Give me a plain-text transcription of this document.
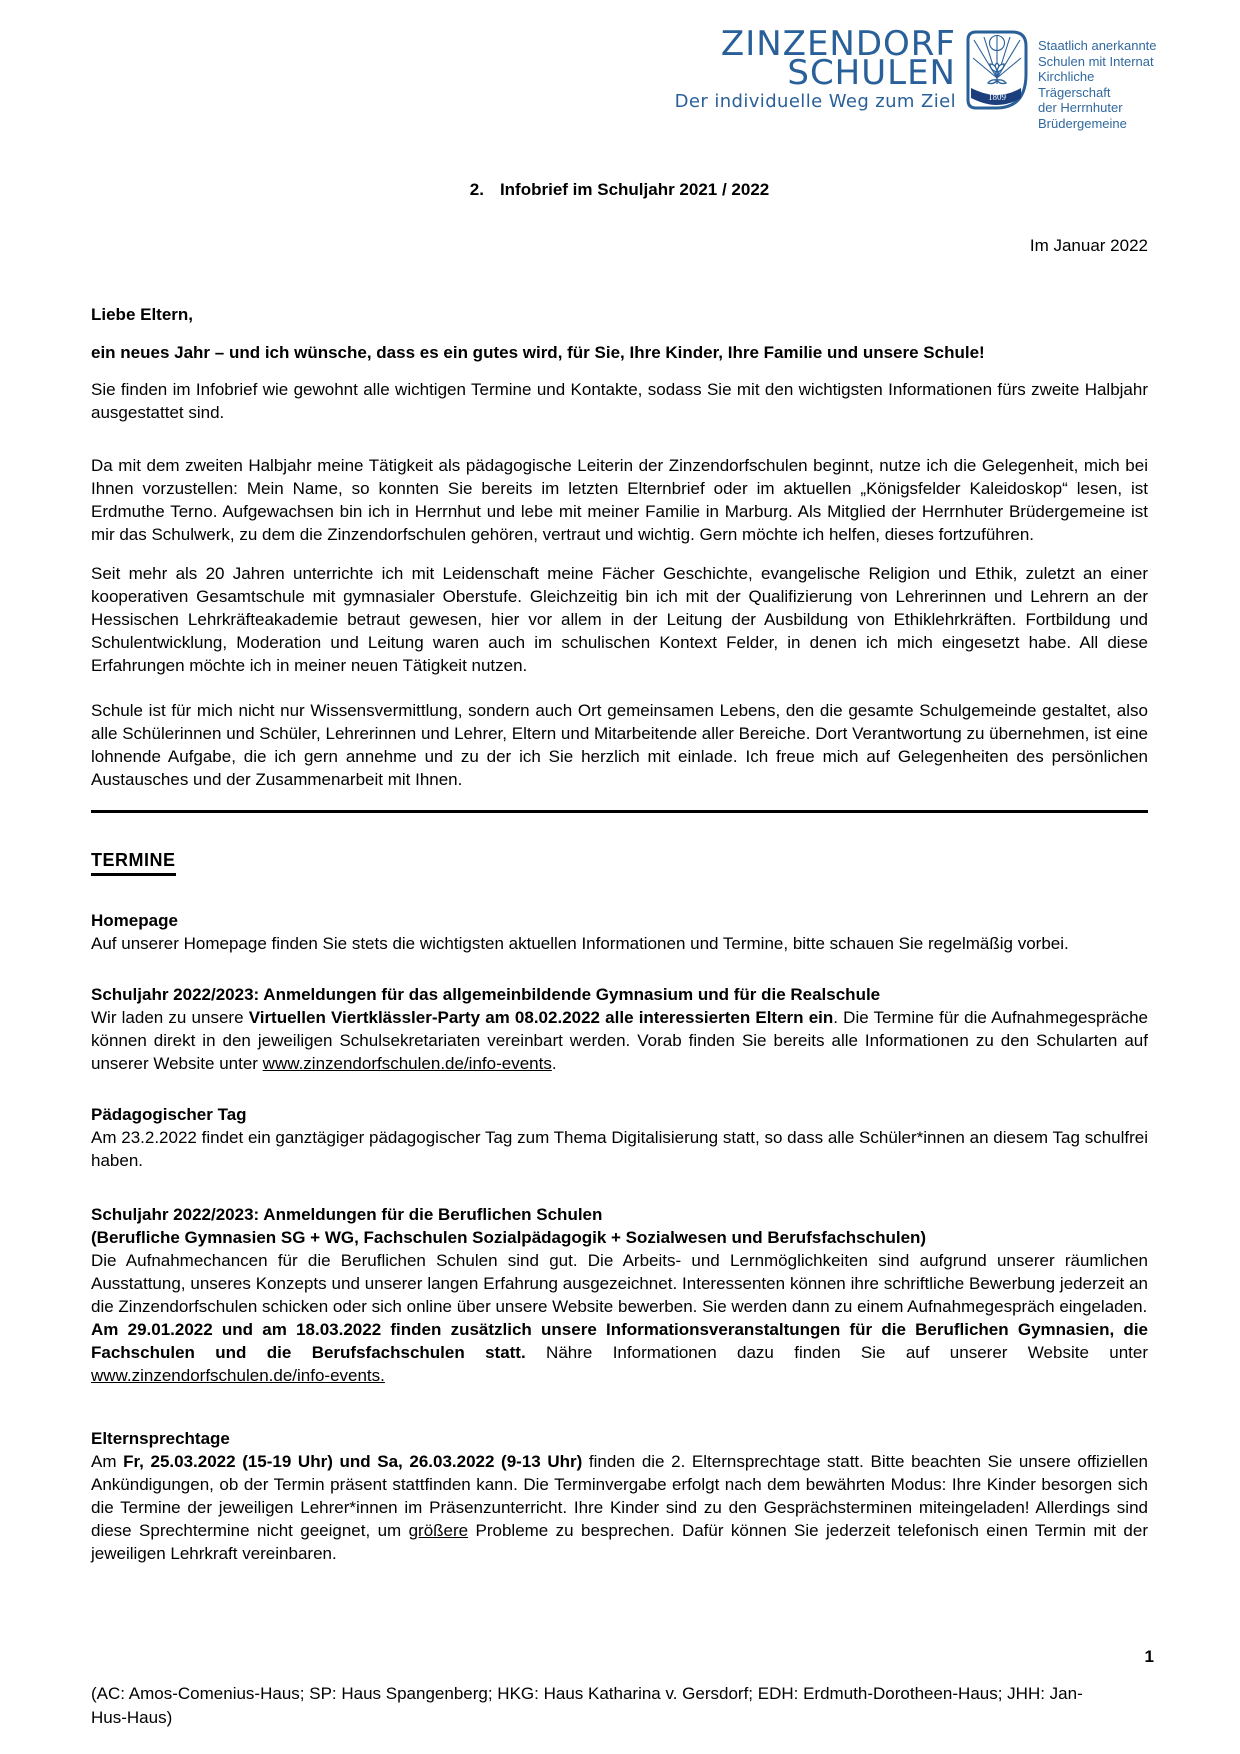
ZINZENDORF
SCHULEN
Der individuelle Weg zum Ziel	1809
Staatlich anerkannte
Schulen mit Internat
Kirchliche Trägerschaft
der Herrnhuter
Brüdergemeine
2. Infobrief im Schuljahr 2021 / 2022
Im Januar 2022
Liebe Eltern,
ein neues Jahr – und ich wünsche, dass es ein gutes wird, für Sie, Ihre Kinder, Ihre Familie und unsere Schule!
Sie finden im Infobrief wie gewohnt alle wichtigen Termine und Kontakte, sodass Sie mit den wichtigsten Informationen fürs zweite Halbjahr ausgestattet sind.
Da mit dem zweiten Halbjahr meine Tätigkeit als pädagogische Leiterin der Zinzendorfschulen beginnt, nutze ich die Gelegenheit, mich bei Ihnen vorzustellen: Mein Name, so konnten Sie bereits im letzten Elternbrief oder im aktuellen „Königsfelder Kaleidoskop“ lesen, ist Erdmuthe Terno. Aufgewachsen bin ich in Herrnhut und lebe mit meiner Familie in Marburg. Als Mitglied der Herrnhuter Brüdergemeine ist mir das Schulwerk, zu dem die Zinzendorfschulen gehören, vertraut und wichtig. Gern möchte ich helfen, dieses fortzuführen.
Seit mehr als 20 Jahren unterrichte ich mit Leidenschaft meine Fächer Geschichte, evangelische Religion und Ethik, zuletzt an einer kooperativen Gesamtschule mit gymnasialer Oberstufe. Gleichzeitig bin ich mit der Qualifizierung von Lehrerinnen und Lehrern an der Hessischen Lehrkräfteakademie betraut gewesen, hier vor allem in der Leitung der Ausbildung von Ethiklehrkräften. Fortbildung und Schulentwicklung, Moderation und Leitung waren auch im schulischen Kontext Felder, in denen ich mich eingesetzt habe. All diese Erfahrungen möchte ich in meiner neuen Tätigkeit nutzen.
Schule ist für mich nicht nur Wissensvermittlung, sondern auch Ort gemeinsamen Lebens, den die gesamte Schulgemeinde gestaltet, also alle Schülerinnen und Schüler, Lehrerinnen und Lehrer, Eltern und Mitarbeitende aller Bereiche. Dort Verantwortung zu übernehmen, ist eine lohnende Aufgabe, die ich gern annehme und zu der ich Sie herzlich mit einlade. Ich freue mich auf Gelegenheiten des persönlichen Austausches und der Zusammenarbeit mit Ihnen.
TERMINE
Homepage
Auf unserer Homepage finden Sie stets die wichtigsten aktuellen Informationen und Termine, bitte schauen Sie regelmäßig vorbei.
Schuljahr 2022/2023: Anmeldungen für das allgemeinbildende Gymnasium und für die Realschule
Wir laden zu unsere Virtuellen Viertklässler-Party am 08.02.2022 alle interessierten Eltern ein. Die Termine für die Aufnahmegespräche können direkt in den jeweiligen Schulsekretariaten vereinbart werden. Vorab finden Sie bereits alle Informationen zu den Schularten auf unserer Website unter www.zinzendorfschulen.de/info-events.
Pädagogischer Tag
Am 23.2.2022 findet ein ganztägiger pädagogischer Tag zum Thema Digitalisierung statt, so dass alle Schüler*innen an diesem Tag schulfrei haben.
Schuljahr 2022/2023: Anmeldungen für die Beruflichen Schulen
(Berufliche Gymnasien SG + WG, Fachschulen Sozialpädagogik + Sozialwesen und Berufsfachschulen)
Die Aufnahmechancen für die Beruflichen Schulen sind gut. Die Arbeits- und Lernmöglichkeiten sind aufgrund unserer räumlichen Ausstattung, unseres Konzepts und unserer langen Erfahrung ausgezeichnet. Interessenten können ihre schriftliche Bewerbung jederzeit an die Zinzendorfschulen schicken oder sich online über unsere Website bewerben. Sie werden dann zu einem Aufnahmegespräch eingeladen.
Am 29.01.2022 und am 18.03.2022 finden zusätzlich unsere Informationsveranstaltungen für die Beruflichen Gymnasien, die Fachschulen und die Berufsfachschulen statt. Nähre Informationen dazu finden Sie auf unserer Website unter www.zinzendorfschulen.de/info-events.
Elternsprechtage
Am Fr, 25.03.2022 (15-19 Uhr) und Sa, 26.03.2022 (9-13 Uhr) finden die 2. Elternsprechtage statt. Bitte beachten Sie unsere offiziellen Ankündigungen, ob der Termin präsent stattfinden kann. Die Terminvergabe erfolgt nach dem bewährten Modus: Ihre Kinder besorgen sich die Termine der jeweiligen Lehrer*innen im Präsenzunterricht. Ihre Kinder sind zu den Gesprächsterminen miteingeladen! Allerdings sind diese Sprechtermine nicht geeignet, um größere Probleme zu besprechen. Dafür können Sie jederzeit telefonisch einen Termin mit der jeweiligen Lehrkraft vereinbaren.
1
(AC: Amos-Comenius-Haus; SP: Haus Spangenberg; HKG: Haus Katharina v. Gersdorf; EDH: Erdmuth-Dorotheen-Haus; JHH: Jan-Hus-Haus)
